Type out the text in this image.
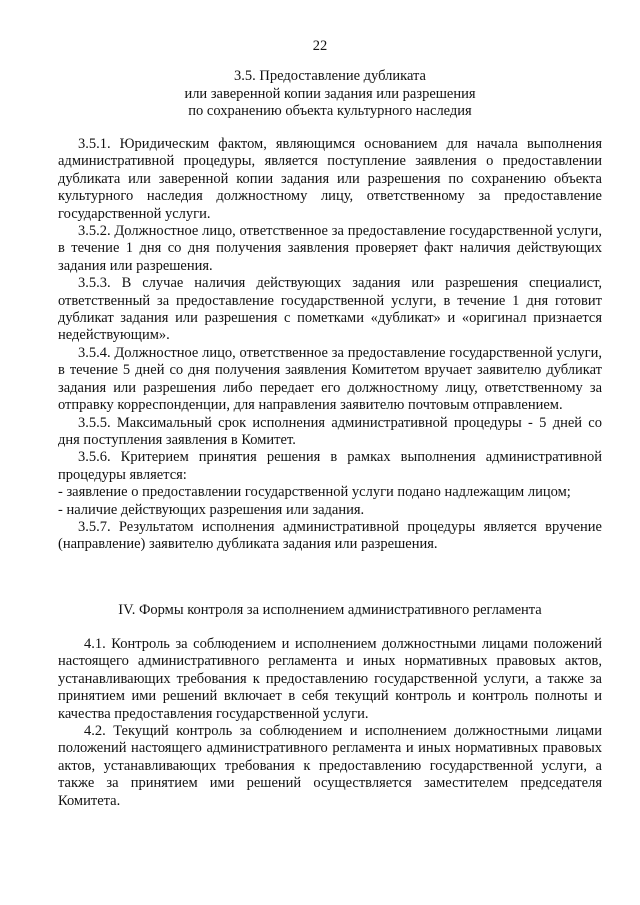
22
3.5. Предоставление дубликата
или заверенной копии задания или разрешения
по сохранению объекта культурного наследия

3.5.1. Юридическим фактом, являющимся основанием для начала выполнения административной процедуры, является поступление заявления о предоставлении дубликата или заверенной копии задания или разрешения по сохранению объекта культурного наследия должностному лицу, ответственному за предоставление государственной услуги.

3.5.2. Должностное лицо, ответственное за предоставление государственной услуги, в течение 1 дня со дня получения заявления проверяет факт наличия действующих задания или разрешения.

3.5.3. В случае наличия действующих задания или разрешения специалист, ответственный за предоставление государственной услуги, в течение 1 дня готовит дубликат задания или разрешения с пометками «дубликат» и «оригинал признается недействующим».

3.5.4. Должностное лицо, ответственное за предоставление государственной услуги, в течение 5 дней со дня получения заявления Комитетом вручает заявителю дубликат задания или разрешения либо передает его должностному лицу, ответственному за отправку корреспонденции, для направления заявителю почтовым отправлением.

3.5.5. Максимальный срок исполнения административной процедуры - 5 дней со дня поступления заявления в Комитет.

3.5.6. Критерием принятия решения в рамках выполнения административной процедуры является:

- заявление о предоставлении государственной услуги подано надлежащим лицом;

- наличие действующих разрешения или задания.

3.5.7. Результатом исполнения административной процедуры является вручение (направление) заявителю дубликата задания или разрешения.

IV. Формы контроля за исполнением административного регламента

4.1. Контроль за соблюдением и исполнением должностными лицами положений настоящего административного регламента и иных нормативных правовых актов, устанавливающих требования к предоставлению государственной услуги, а также за принятием ими решений включает в себя текущий контроль и контроль полноты и качества предоставления государственной услуги.

4.2. Текущий контроль за соблюдением и исполнением должностными лицами положений настоящего административного регламента и иных нормативных правовых актов, устанавливающих требования к предоставлению государственной услуги, а также за принятием ими решений осуществляется заместителем председателя Комитета.
